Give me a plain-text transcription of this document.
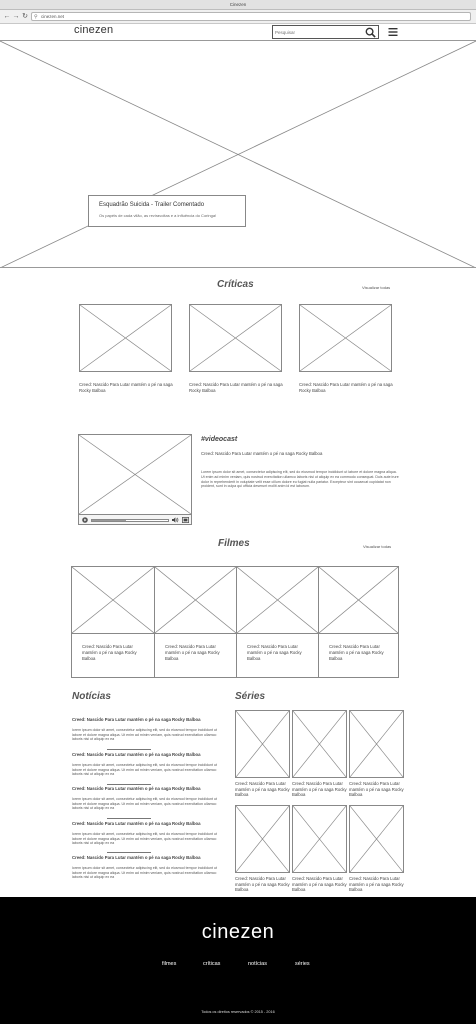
Cinezen
← → ↻ ⚲ cinezen.net
cinezen
Pesquisar
Esquadrão Suicida - Trailer Comentado
Os papéis de cada vilão, as reviravoltas e a influência do Coringa!
Críticas	Visualizar todas
Creed: Nascido Para Lutar mantém o pé na saga Rocky Balboa
Creed: Nascido Para Lutar mantém o pé na saga Rocky Balboa
Creed: Nascido Para Lutar mantém o pé na saga Rocky Balboa
#videocast
Creed: Nascido Para Lutar mantém o pé na saga Rocky Balboa
Lorem ipsum dolor sit amet, consectetur adipiscing elit, sed do eiusmod tempor incididunt ut labore et dolore magna aliqua. Ut enim ad minim veniam, quis nostrud exercitation ullamco laboris nisi ut aliquip ex ea commodo consequat. Duis aute irure dolor in reprehenderit in voluptate velit esse cillum dolore eu fugiat nulla pariatur. Excepteur sint occaecat cupidatat non proident, sunt in culpa qui officia deserunt mollit anim id est laborum.
Filmes	Visualizar todas
Creed: Nascido Para Lutar mantém o pé na saga Rocky Balboa
Creed: Nascido Para Lutar mantém o pé na saga Rocky Balboa
Creed: Nascido Para Lutar mantém o pé na saga Rocky Balboa
Creed: Nascido Para Lutar mantém o pé na saga Rocky Balboa
Notícias
Creed: Nascido Para Lutar mantém o pé na saga Rocky Balboa
lorem ipsum dolor sit amet, consectetur adipiscing elit, sed do eiusmod tempor incididunt ut labore et dolore magna aliqua. Ut enim ad minim veniam, quis nostrud exercitation ullamco laboris nisi ut aliquip ex ea
Creed: Nascido Para Lutar mantém o pé na saga Rocky Balboa
lorem ipsum dolor sit amet, consectetur adipiscing elit, sed do eiusmod tempor incididunt ut labore et dolore magna aliqua. Ut enim ad minim veniam, quis nostrud exercitation ullamco laboris nisi ut aliquip ex ea
Creed: Nascido Para Lutar mantém o pé na saga Rocky Balboa
lorem ipsum dolor sit amet, consectetur adipiscing elit, sed do eiusmod tempor incididunt ut labore et dolore magna aliqua. Ut enim ad minim veniam, quis nostrud exercitation ullamco laboris nisi ut aliquip ex ea
Creed: Nascido Para Lutar mantém o pé na saga Rocky Balboa
lorem ipsum dolor sit amet, consectetur adipiscing elit, sed do eiusmod tempor incididunt ut labore et dolore magna aliqua. Ut enim ad minim veniam, quis nostrud exercitation ullamco laboris nisi ut aliquip ex ea
Creed: Nascido Para Lutar mantém o pé na saga Rocky Balboa
lorem ipsum dolor sit amet, consectetur adipiscing elit, sed do eiusmod tempor incididunt ut labore et dolore magna aliqua. Ut enim ad minim veniam, quis nostrud exercitation ullamco laboris nisi ut aliquip ex ea
Séries
Creed: Nascido Para Lutar mantém o pé na saga Rocky Balboa
Creed: Nascido Para Lutar mantém o pé na saga Rocky Balboa
Creed: Nascido Para Lutar mantém o pé na saga Rocky Balboa
Creed: Nascido Para Lutar mantém o pé na saga Rocky Balboa
Creed: Nascido Para Lutar mantém o pé na saga Rocky Balboa
Creed: Nascido Para Lutar mantém o pé na saga Rocky Balboa
cinezen
filmes	críticas	notícias	séries
Todos os direitos reservados © 2015 - 2016
